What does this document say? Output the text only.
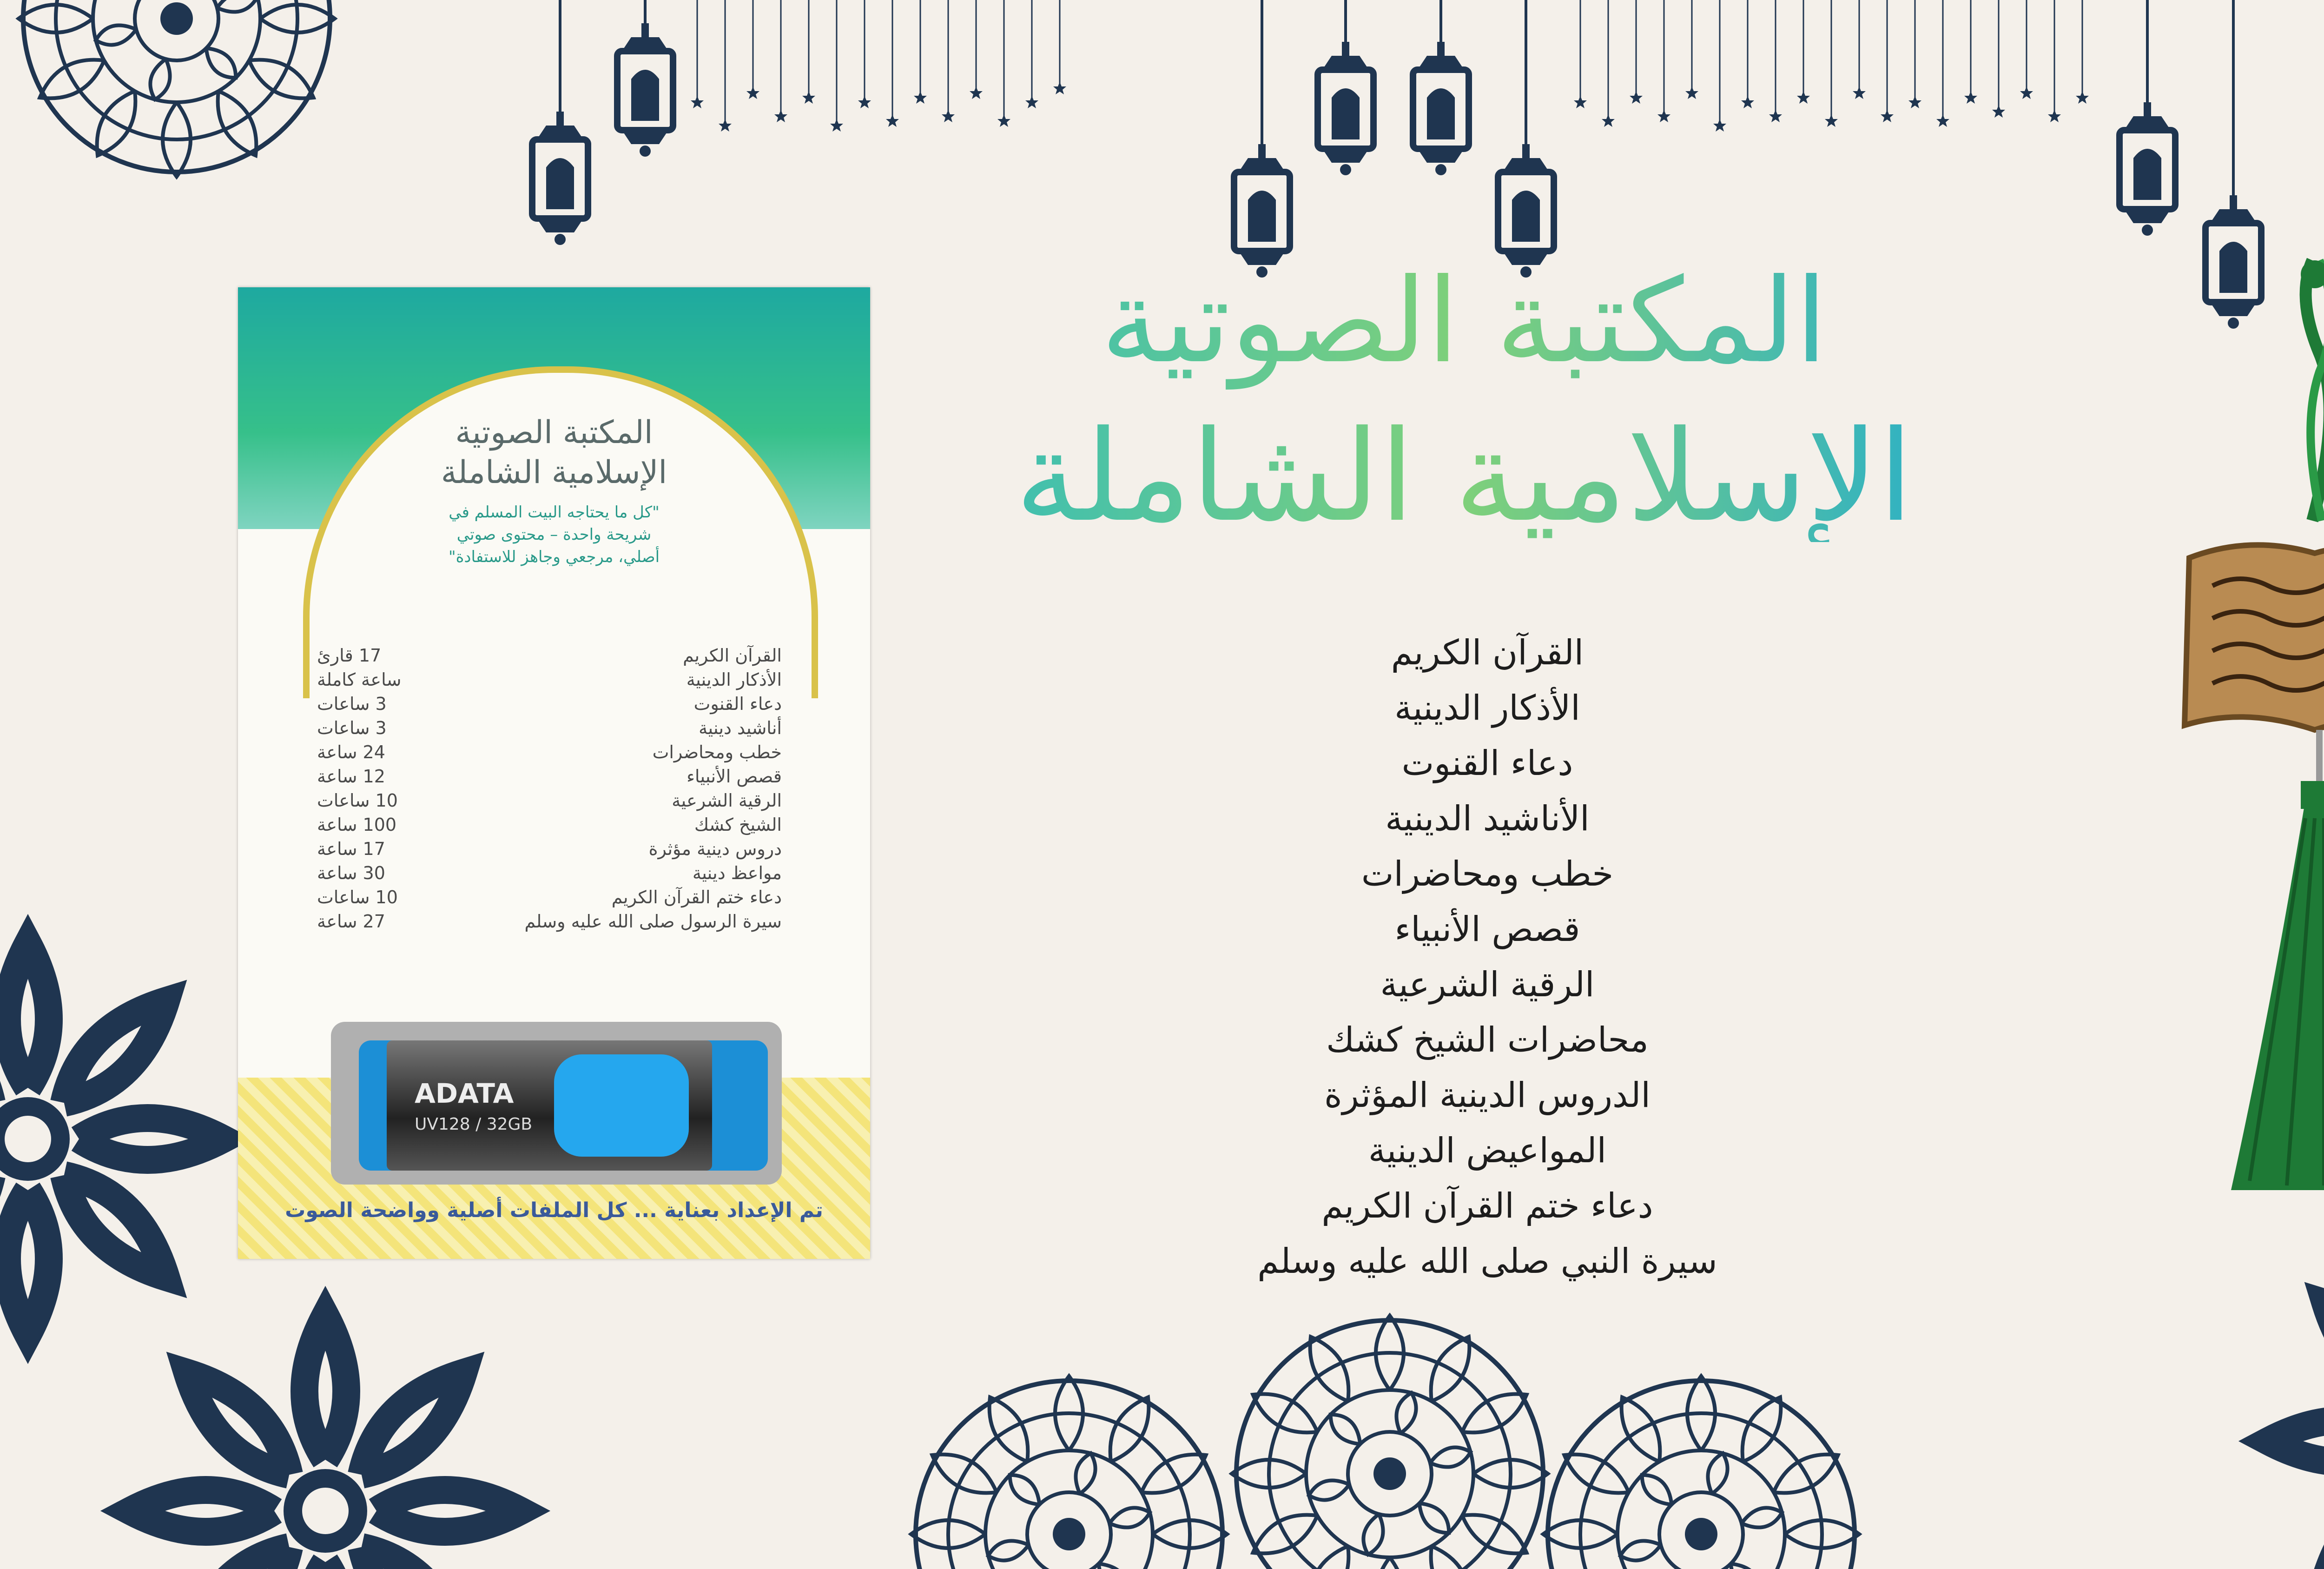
المكتبة الصوتية
الإسلامية الشاملة
القرآن الكريم
الأذكار الدينية
دعاء القنوت
الأناشيد الدينية
خطب ومحاضرات
قصص الأنبياء
الرقية الشرعية
محاضرات الشيخ كشك
الدروس الدينية المؤثرة
المواعيض الدينية
دعاء ختم القرآن الكريم
سيرة النبي صلى الله عليه وسلم
المكتبة الصوتية
الإسلامية الشاملة
"كل ما يحتاجه البيت المسلم في
شريحة واحدة – محتوى صوتي
أصلي، مرجعي وجاهز للاستفادة"
القرآن الكريم
17 قارئ
الأذكار الدينية
ساعة كاملة
دعاء القنوت
3 ساعات
أناشيد دينية
3 ساعات
خطب ومحاضرات
24 ساعة
قصص الأنبياء
12 ساعة
الرقية الشرعية
10 ساعات
الشيخ كشك
100 ساعة
دروس دينية مؤثرة
17 ساعة
مواعظ دينية
30 ساعة
دعاء ختم القرآن الكريم
10 ساعات
سيرة الرسول صلى الله عليه وسلم
27 ساعة
ADATA
UV128 / 32GB
تم الإعداد بعناية ... كل الملفات أصلية وواضحة الصوت
